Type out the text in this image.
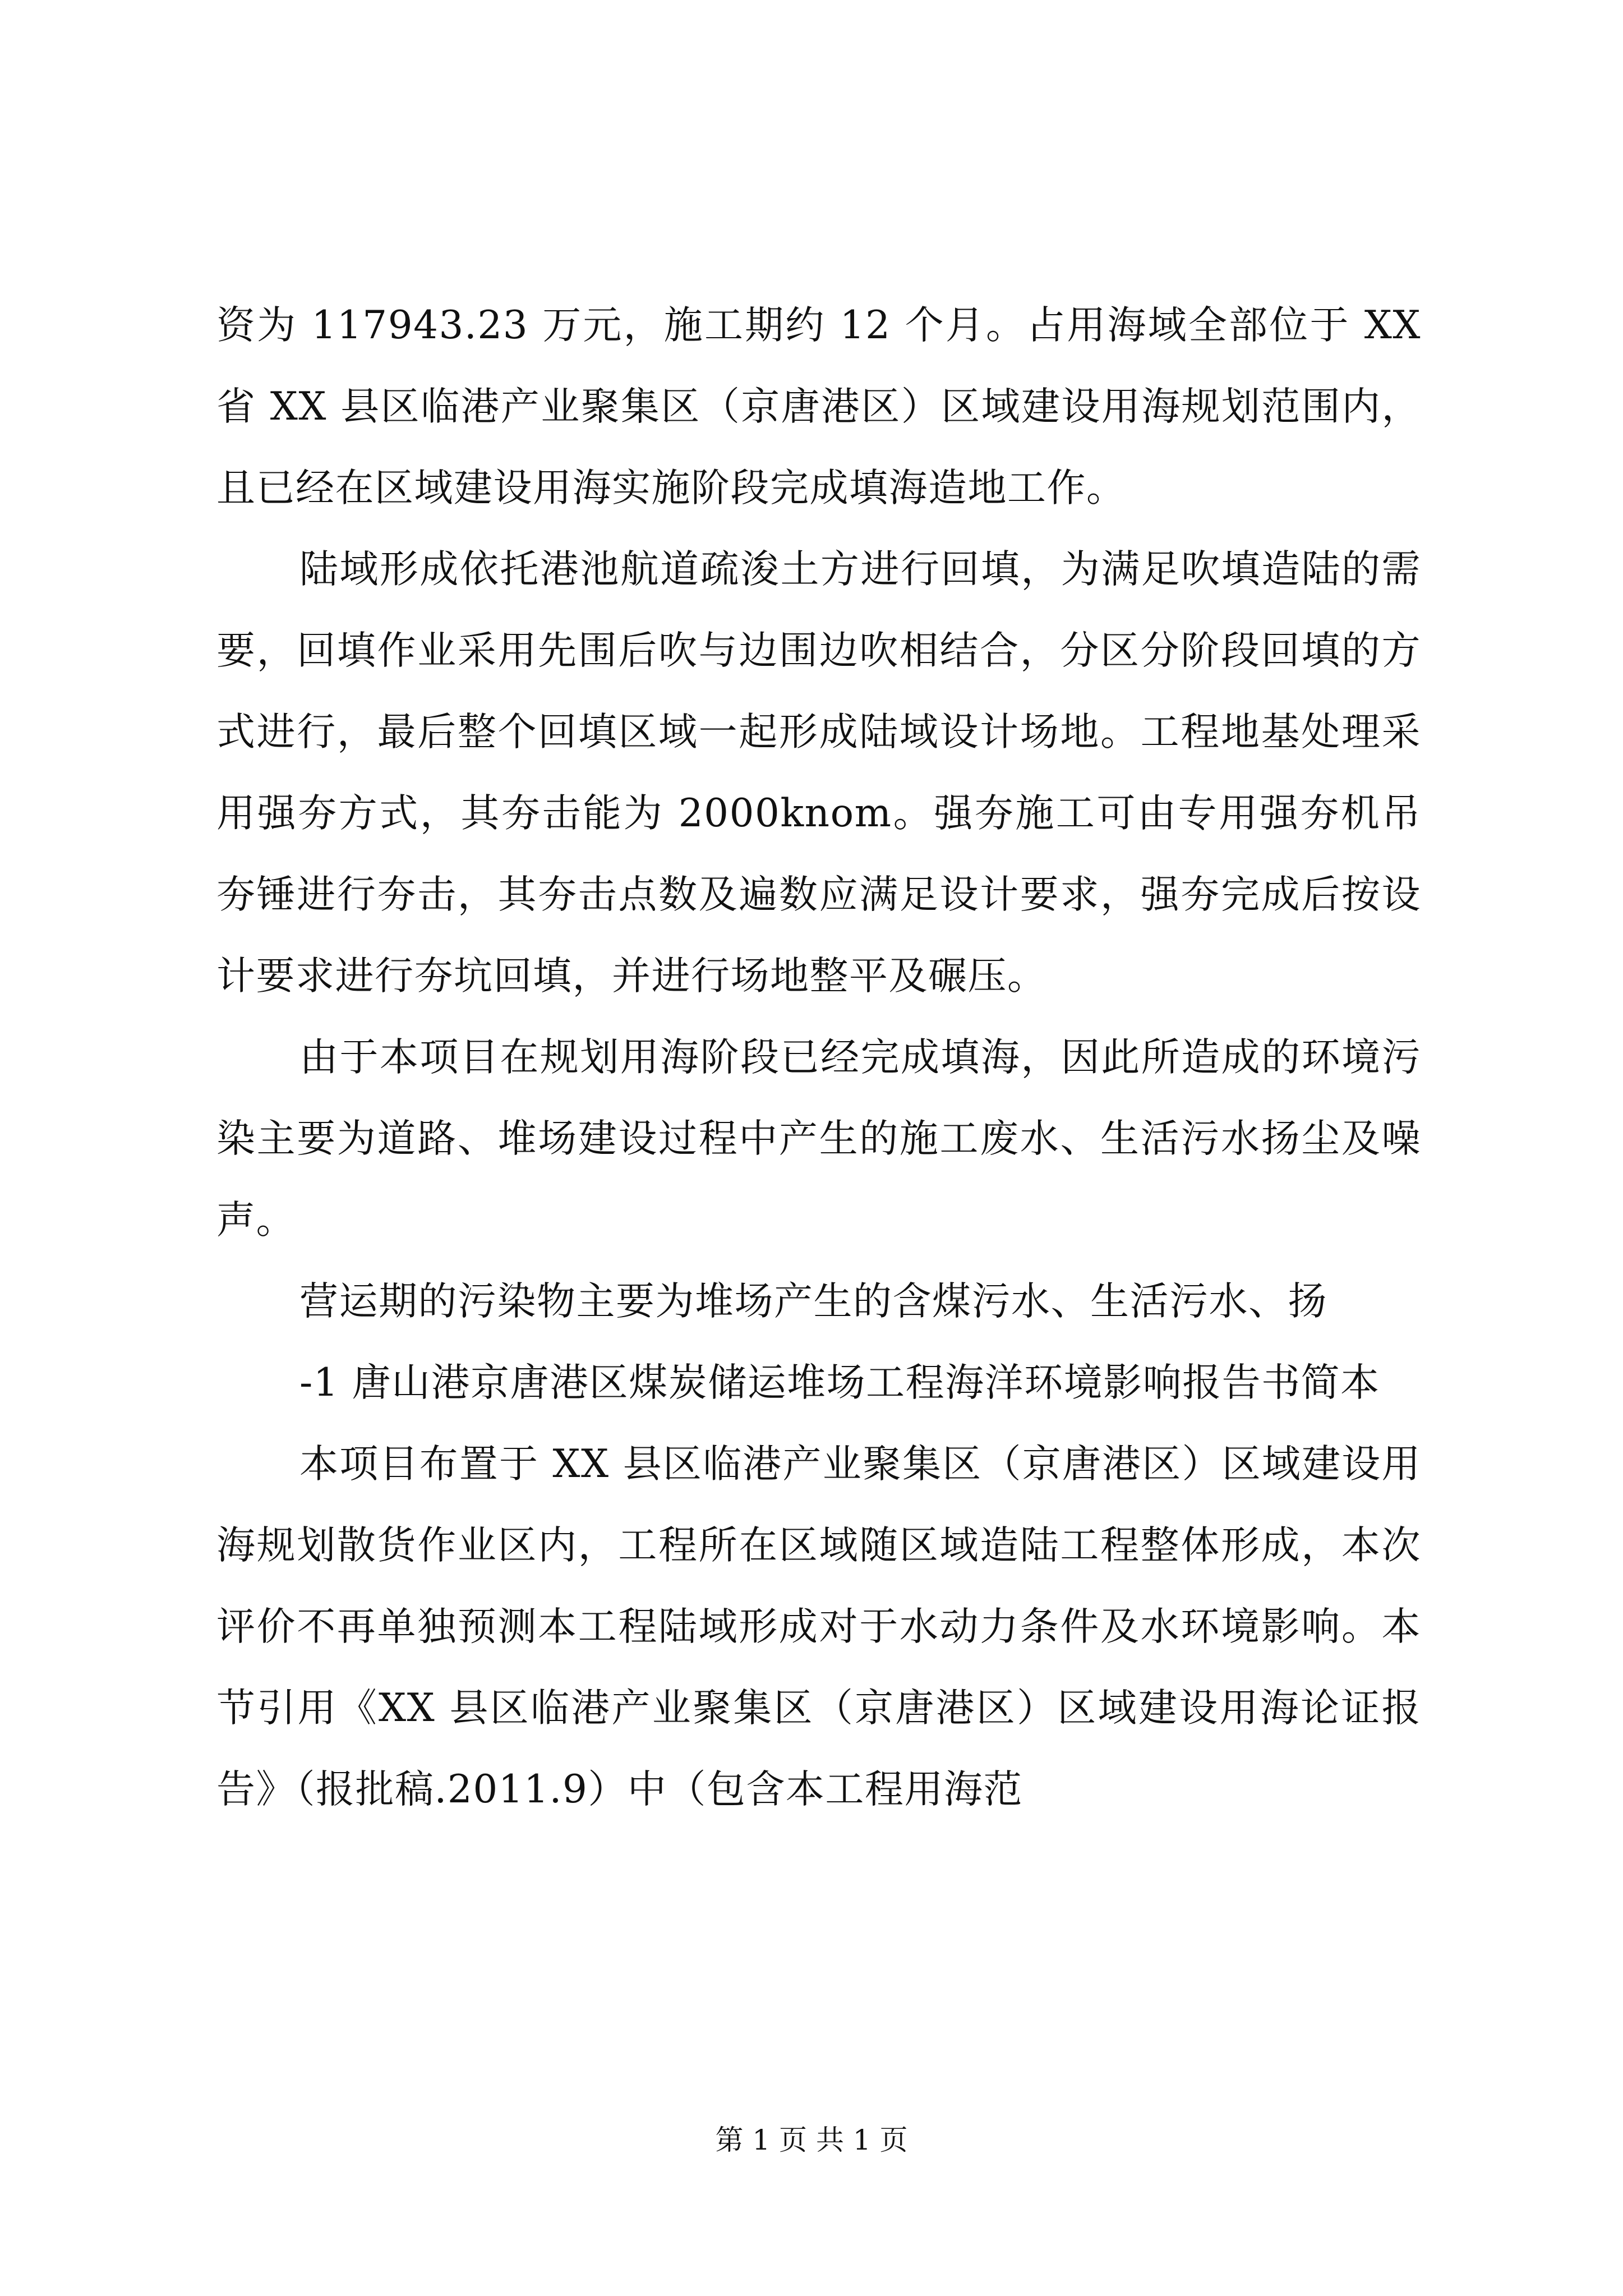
资为 117943.23 万元，施工期约 12 个月。占用海域全部位于 XX 省 XX 县区临港产业聚集区（京唐港区）区域建设用海规划范围内，且已经在区域建设用海实施阶段完成填海造地工作。

陆域形成依托港池航道疏浚土方进行回填，为满足吹填造陆的需要，回填作业采用先围后吹与边围边吹相结合，分区分阶段回填的方式进行，最后整个回填区域一起形成陆域设计场地。工程地基处理采用强夯方式，其夯击能为 2000knom。强夯施工可由专用强夯机吊夯锤进行夯击，其夯击点数及遍数应满足设计要求，强夯完成后按设计要求进行夯坑回填，并进行场地整平及碾压。

由于本项目在规划用海阶段已经完成填海，因此所造成的环境污染主要为道路、堆场建设过程中产生的施工废水、生活污水扬尘及噪声。

营运期的污染物主要为堆场产生的含煤污水、生活污水、扬

-1 唐山港京唐港区煤炭储运堆场工程海洋环境影响报告书简本

本项目布置于 XX 县区临港产业聚集区（京唐港区）区域建设用海规划散货作业区内，工程所在区域随区域造陆工程整体形成，本次评价不再单独预测本工程陆域形成对于水动力条件及水环境影响。本节引用《XX 县区临港产业聚集区（京唐港区）区域建设用海论证报告》（报批稿.2011.9）中（包含本工程用海范

第 1 页 共 1 页
